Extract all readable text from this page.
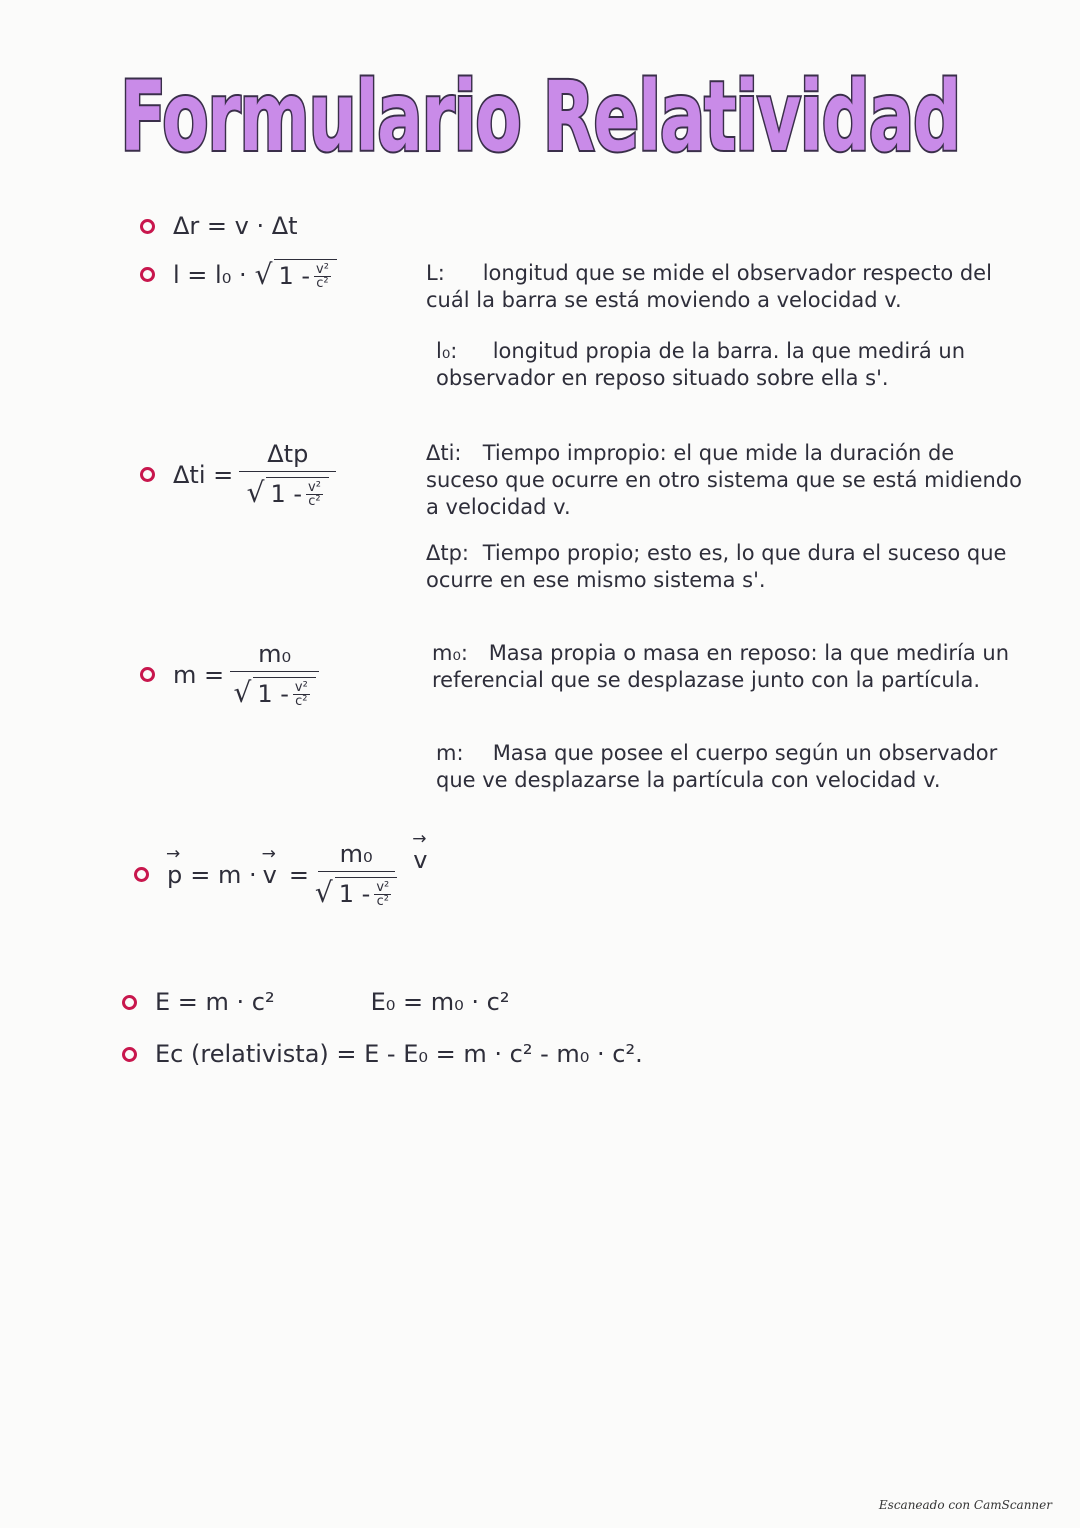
Formulario Relatividad
Δr = v · Δt
l = l₀ · √ $1 - \frac{\text{v²}}{\text{c²}}$	L: longitud que se mide el observador respecto del cuál la barra se está moviendo a velocidad v.
l₀: longitud propia de la barra. la que medirá un observador en reposo situado sobre ella s'.
Δti =
Δtp
√ $1 - \frac{\text{v²}}{\text{c²}}$
Δti: Tiempo impropio: el que mide la duración de suceso que ocurre en otro sistema que se está midiendo a velocidad v.
Δtp: Tiempo propio; esto es, lo que dura el suceso que ocurre en ese mismo sistema s'.
m =
m₀
√ $1 - \frac{\text{v²}}{\text{c²}}$
m₀: Masa propia o masa en reposo: la que mediría un referencial que se desplazase junto con la partícula.
m: Masa que posee el cuerpo según un observador que ve desplazarse la partícula con velocidad v.
→ p = m ·
→ v =
m₀
√ $1 - \frac{\text{v²}}{\text{c²}}$
→ v
E = m · c²	E₀ = m₀ · c²
Ec (relativista) = E - E₀ = m · c² - m₀ · c².
Escaneado con CamScanner
